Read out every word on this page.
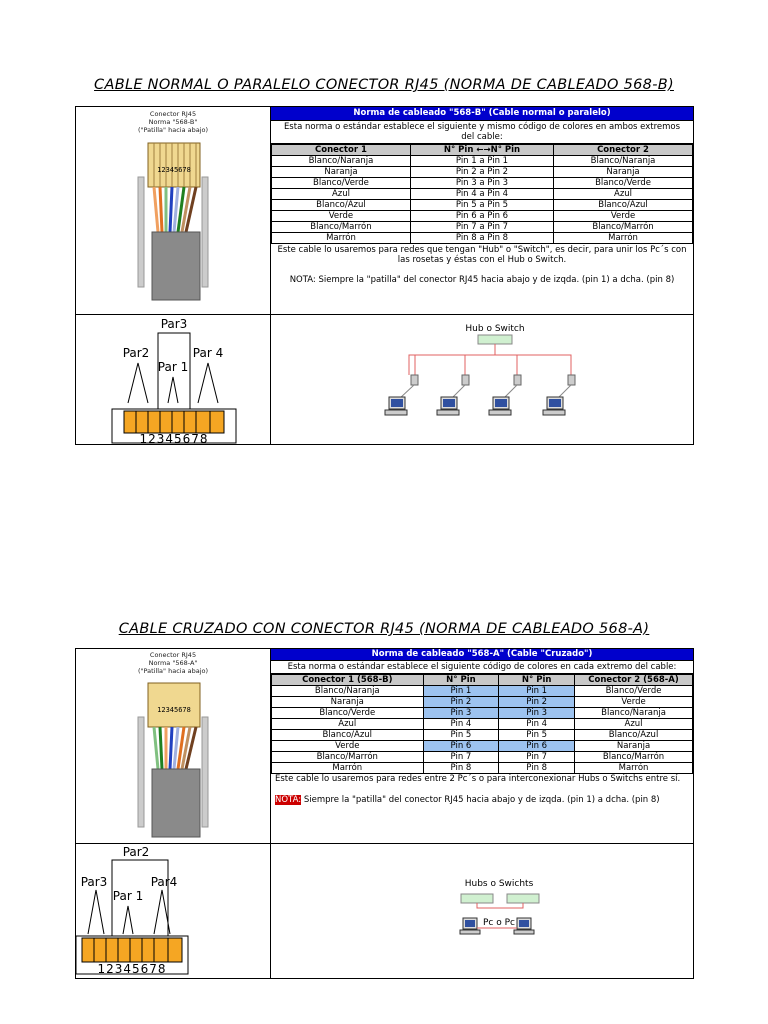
CABLE NORMAL O PARALELO CONECTOR RJ45 (NORMA DE CABLEADO 568-B)
Conector RJ45
Norma "568-B"
("Patilla" hacia abajo)
12345678
Norma de cableado "568-B" (Cable normal o paralelo)
Esta norma o estándar establece el siguiente y mismo código de colores en ambos extremos del cable:
Conector 1	N° Pin ←→N° Pin	Conector 2
Blanco/Naranja	Pin 1 a Pin 1	Blanco/Naranja
Naranja	Pin 2 a Pin 2	Naranja
Blanco/Verde	Pin 3 a Pin 3	Blanco/Verde
Azul	Pin 4 a Pin 4	Azul
Blanco/Azul	Pin 5 a Pin 5	Blanco/Azul
Verde	Pin 6 a Pin 6	Verde
Blanco/Marrón	Pin 7 a Pin 7	Blanco/Marrón
Marrón	Pin 8 a Pin 8	Marrón
Este cable lo usaremos para redes que tengan "Hub" o "Switch", es decir, para unir los Pc´s con las rosetas y éstas con el Hub o Switch.
NOTA: Siempre la "patilla" del conector RJ45 hacia abajo y de izqda. (pin 1) a dcha. (pin 8)
Par3
Par2
Par 1
Par 4
12345678
Hub o Switch
CABLE CRUZADO CON CONECTOR RJ45 (NORMA DE CABLEADO 568-A)
Conector RJ45
Norma "568-A"
("Patilla" hacia abajo)
12345678
Norma de cableado "568-A" (Cable "Cruzado")
Esta norma o estándar establece el siguiente código de colores en cada extremo del cable:
Conector 1 (568-B)	N° Pin	N° Pin	Conector 2 (568-A)
Blanco/Naranja	Pin 1	Pin 1	Blanco/Verde
Naranja	Pin 2	Pin 2	Verde
Blanco/Verde	Pin 3	Pin 3	Blanco/Naranja
Azul	Pin 4	Pin 4	Azul
Blanco/Azul	Pin 5	Pin 5	Blanco/Azul
Verde	Pin 6	Pin 6	Naranja
Blanco/Marrón	Pin 7	Pin 7	Blanco/Marrón
Marrón	Pin 8	Pin 8	Marrón
Este cable lo usaremos para redes entre 2 Pc´s o para interconexionar Hubs o Switchs entre sí.
NOTA: Siempre la "patilla" del conector RJ45 hacia abajo y de izqda. (pin 1) a dcha. (pin 8)
Par2
Par3
Par 1
Par4
12345678
Hubs o Swichts
Pc o Pc
